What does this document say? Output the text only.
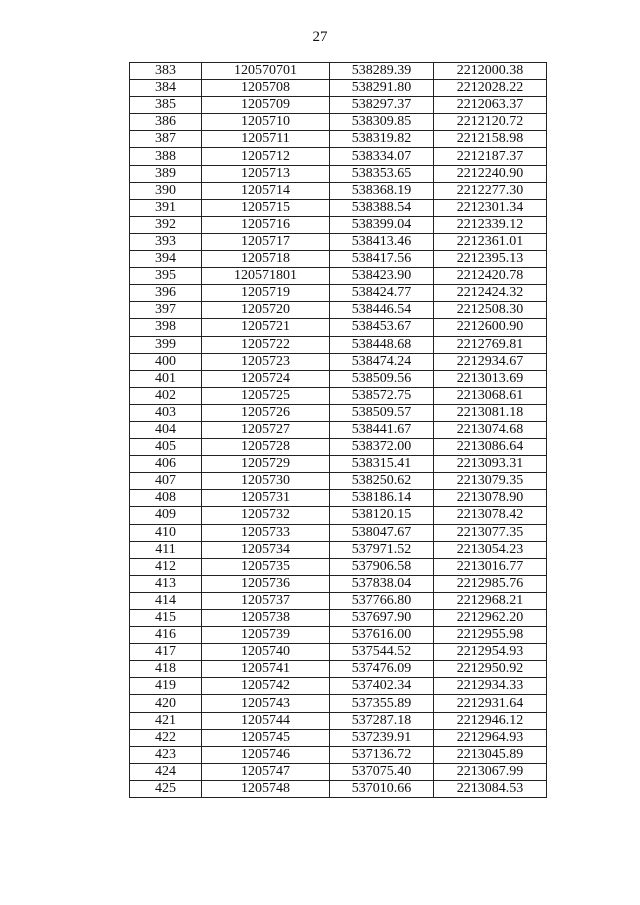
27
383	120570701	538289.39	2212000.38
384	1205708	538291.80	2212028.22
385	1205709	538297.37	2212063.37
386	1205710	538309.85	2212120.72
387	1205711	538319.82	2212158.98
388	1205712	538334.07	2212187.37
389	1205713	538353.65	2212240.90
390	1205714	538368.19	2212277.30
391	1205715	538388.54	2212301.34
392	1205716	538399.04	2212339.12
393	1205717	538413.46	2212361.01
394	1205718	538417.56	2212395.13
395	120571801	538423.90	2212420.78
396	1205719	538424.77	2212424.32
397	1205720	538446.54	2212508.30
398	1205721	538453.67	2212600.90
399	1205722	538448.68	2212769.81
400	1205723	538474.24	2212934.67
401	1205724	538509.56	2213013.69
402	1205725	538572.75	2213068.61
403	1205726	538509.57	2213081.18
404	1205727	538441.67	2213074.68
405	1205728	538372.00	2213086.64
406	1205729	538315.41	2213093.31
407	1205730	538250.62	2213079.35
408	1205731	538186.14	2213078.90
409	1205732	538120.15	2213078.42
410	1205733	538047.67	2213077.35
411	1205734	537971.52	2213054.23
412	1205735	537906.58	2213016.77
413	1205736	537838.04	2212985.76
414	1205737	537766.80	2212968.21
415	1205738	537697.90	2212962.20
416	1205739	537616.00	2212955.98
417	1205740	537544.52	2212954.93
418	1205741	537476.09	2212950.92
419	1205742	537402.34	2212934.33
420	1205743	537355.89	2212931.64
421	1205744	537287.18	2212946.12
422	1205745	537239.91	2212964.93
423	1205746	537136.72	2213045.89
424	1205747	537075.40	2213067.99
425	1205748	537010.66	2213084.53
